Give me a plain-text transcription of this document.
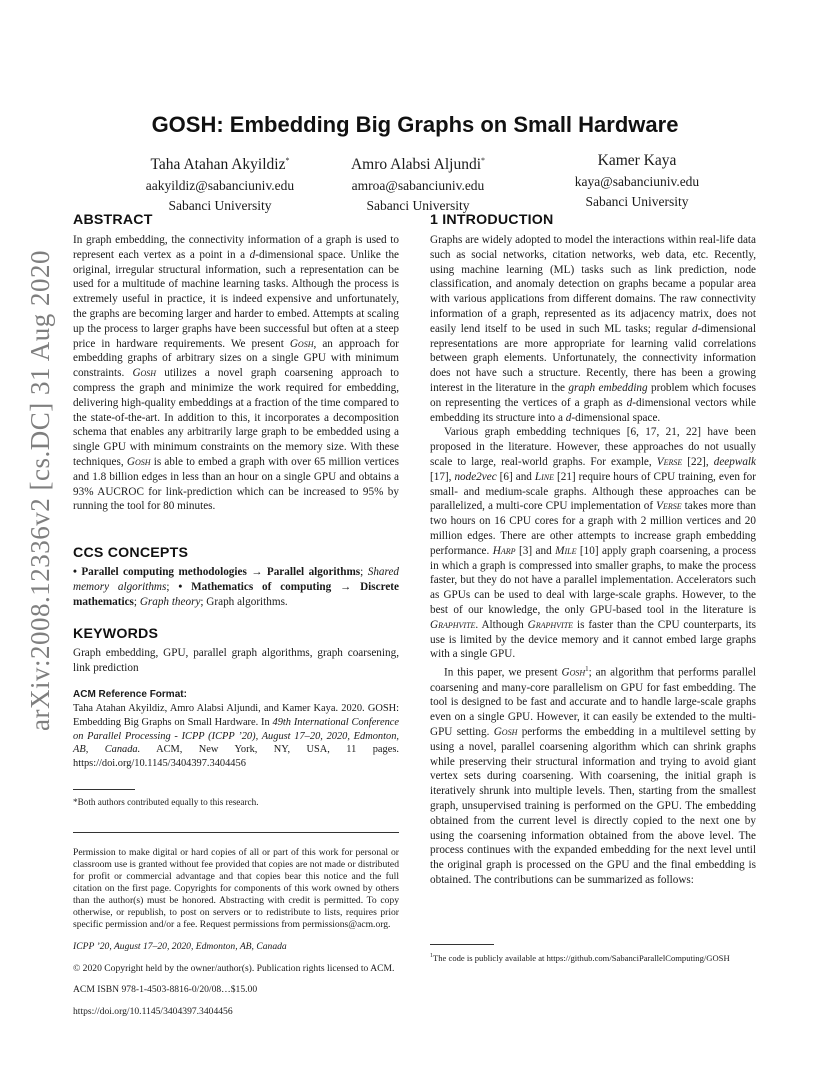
arXiv:2008.12336v2 [cs.DC] 31 Aug 2020
GOSH: Embedding Big Graphs on Small Hardware
Taha Atahan Akyildiz*
aakyildiz@sabanciuniv.edu
Sabanci University
Amro Alabsi Aljundi*
amroa@sabanciuniv.edu
Sabanci University
Kamer Kaya
kaya@sabanciuniv.edu
Sabanci University
ABSTRACT

In graph embedding, the connectivity information of a graph is used to represent each vertex as a point in a d-dimensional space. Unlike the original, irregular structural information, such a representation can be used for a multitude of machine learning tasks. Although the process is extremely useful in practice, it is indeed expensive and unfortunately, the graphs are becoming larger and harder to embed. Attempts at scaling up the process to larger graphs have been successful but often at a steep price in hardware requirements. We present Gosh, an approach for embedding graphs of arbitrary sizes on a single GPU with minimum constraints. Gosh utilizes a novel graph coarsening approach to compress the graph and minimize the work required for embedding, delivering high-quality embeddings at a fraction of the time compared to the state-of-the-art. In addition to this, it incorporates a decomposition schema that enables any arbitrarily large graph to be embedded using a single GPU with minimum constraints on the memory size. With these techniques, Gosh is able to embed a graph with over 65 million vertices and 1.8 billion edges in less than an hour on a single GPU and obtains a 93% AUCROC for link-prediction which can be increased to 95% by running the tool for 80 minutes.

CCS CONCEPTS

• Parallel computing methodologies → Parallel algorithms; Shared memory algorithms; • Mathematics of computing → Discrete mathematics; Graph theory; Graph algorithms.

KEYWORDS
Graph embedding, GPU, parallel graph algorithms, graph coarsening, link prediction
ACM Reference Format:

Taha Atahan Akyildiz, Amro Alabsi Aljundi, and Kamer Kaya. 2020. GOSH: Embedding Big Graphs on Small Hardware. In 49th International Conference on Parallel Processing - ICPP (ICPP ’20), August 17–20, 2020, Edmonton, AB, Canada. ACM, New York, NY, USA, 11 pages. https://doi.org/10.1145/3404397.3404456

*Both authors contributed equally to this research.

Permission to make digital or hard copies of all or part of this work for personal or classroom use is granted without fee provided that copies are not made or distributed for profit or commercial advantage and that copies bear this notice and the full citation on the first page. Copyrights for components of this work owned by others than the author(s) must be honored. Abstracting with credit is permitted. To copy otherwise, or republish, to post on servers or to redistribute to lists, requires prior specific permission and/or a fee. Request permissions from permissions@acm.org.

ICPP ’20, August 17–20, 2020, Edmonton, AB, Canada

© 2020 Copyright held by the owner/author(s). Publication rights licensed to ACM.

ACM ISBN 978-1-4503-8816-0/20/08…$15.00

https://doi.org/10.1145/3404397.3404456

1 INTRODUCTION

Graphs are widely adopted to model the interactions within real-life data such as social networks, citation networks, web data, etc. Recently, using machine learning (ML) tasks such as link prediction, node classification, and anomaly detection on graphs became a popular area with various applications from different domains. The raw connectivity information of a graph, represented as its adjacency matrix, does not easily lend itself to be used in such ML tasks; regular d-dimensional representations are more appropriate for learning valid correlations between graph elements. Unfortunately, the connectivity information does not have such a structure. Recently, there has been a growing interest in the literature in the graph embedding problem which focuses on representing the vertices of a graph as d-dimensional vectors while embedding its structure into a d-dimensional space.

Various graph embedding techniques [6, 17, 21, 22] have been proposed in the literature. However, these approaches do not usually scale to large, real-world graphs. For example, Verse [22], deepwalk [17], node2vec [6] and Line [21] require hours of CPU training, even for small- and medium-scale graphs. Although these approaches can be parallelized, a multi-core CPU implementation of Verse takes more than two hours on 16 CPU cores for a graph with 2 million vertices and 20 million edges. There are other attempts to increase graph embedding performance. Harp [3] and Mile [10] apply graph coarsening, a process in which a graph is compressed into smaller graphs, to make the process faster, but they do not have a parallel implementation. Accelerators such as GPUs can be used to deal with large-scale graphs. However, to the best of our knowledge, the only GPU-based tool in the literature is Graphvite. Although Graphvite is faster than the CPU counterparts, its use is limited by the device memory and it cannot embed large graphs with a single GPU.

In this paper, we present Gosh$^1$; an algorithm that performs parallel coarsening and many-core parallelism on GPU for fast embedding. The tool is designed to be fast and accurate and to handle large-scale graphs even on a single GPU. However, it can easily be extended to the multi-GPU setting. Gosh performs the embedding in a multilevel setting by using a novel, parallel coarsening algorithm which can shrink graphs while preserving their structural information and trying to avoid giant vertex sets during coarsening. With coarsening, the initial graph is iteratively shrunk into multiple levels. Then, starting from the smallest graph, unsupervised training is performed on the GPU. The embedding obtained from the current level is directly copied to the next one by using the coarsening information obtained from the above level. The process continues with the expanded embedding for the next level until the original graph is processed on the GPU and the final embedding is obtained. The contributions can be summarized as follows:

$^1$The code is publicly available at https://github.com/SabanciParallelComputing/GOSH
